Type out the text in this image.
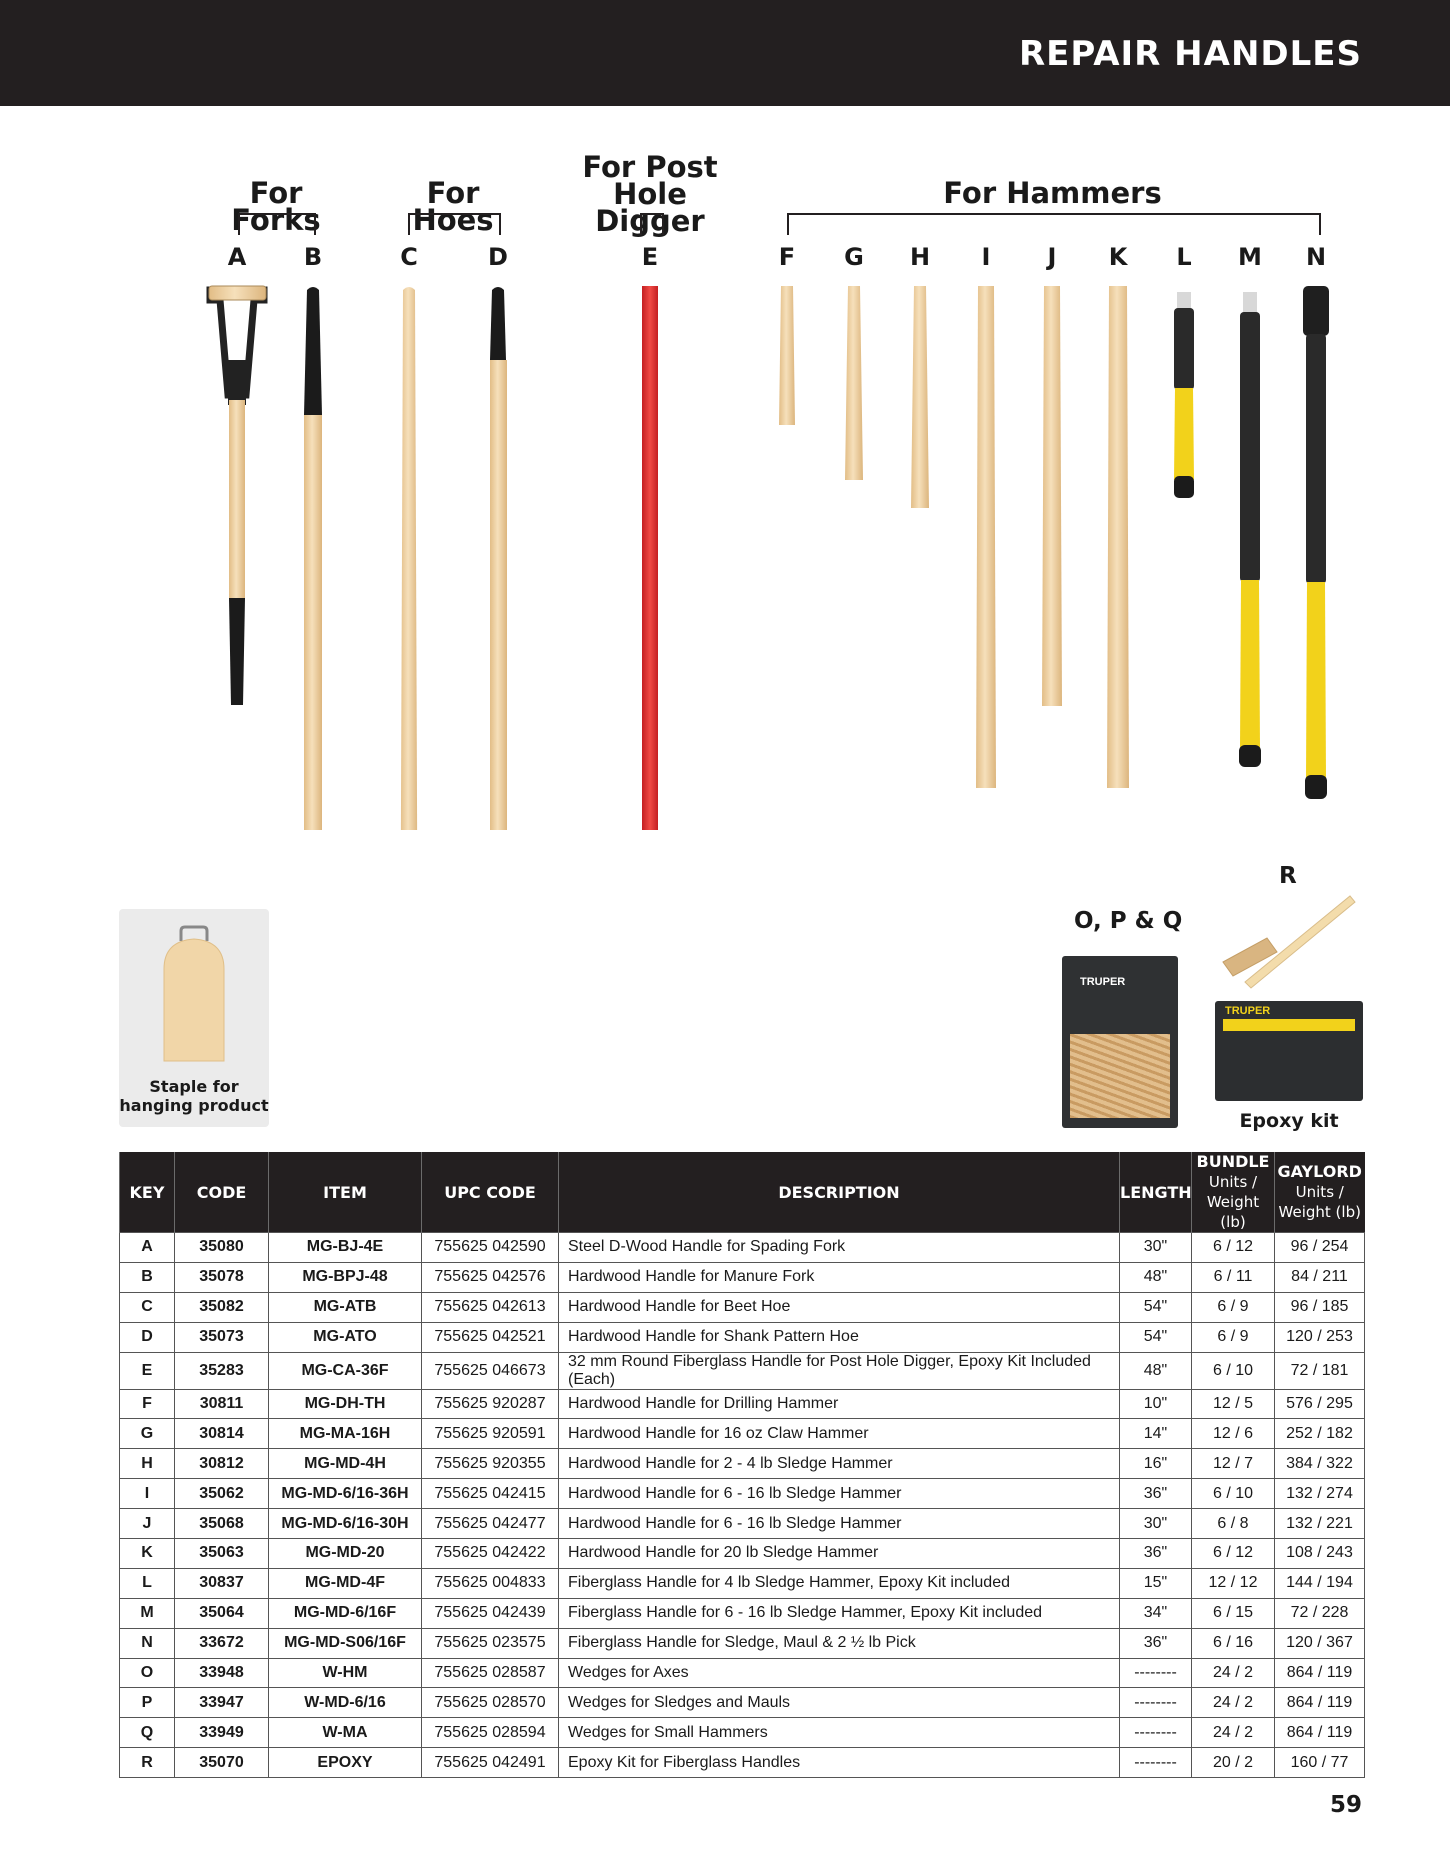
REPAIR HANDLES
For Forks
For Hoes
For Post
Hole Digger
For Hammers
A B	C	D	E	F G H	I	J	K	L	M N
Staple for
hanging product
O, P & Q
TRUPER
R
TRUPER
Epoxy kit
KEY	CODE	ITEM	UPC CODE	DESCRIPTION	LENGTH	BUNDLE
Units /
Weight (lb)	GAYLORD
Units /
Weight (lb)

A	35080	MG-BJ-4E	755625 042590	Steel D-Wood Handle for Spading Fork	30"	6 / 12	96 / 254
B	35078	MG-BPJ-48	755625 042576	Hardwood Handle for Manure Fork	48"	6 / 11	84 / 211
C	35082	MG-ATB	755625 042613	Hardwood Handle for Beet Hoe	54"	6 / 9	96 / 185
D	35073	MG-ATO	755625 042521	Hardwood Handle for Shank Pattern Hoe	54"	6 / 9	120 / 253
E	35283	MG-CA-36F	755625 046673	32 mm Round Fiberglass Handle for Post Hole Digger, Epoxy Kit Included (Each)	48"	6 / 10	72 / 181
F	30811	MG-DH-TH	755625 920287	Hardwood Handle for Drilling Hammer	10"	12 / 5	576 / 295
G	30814	MG-MA-16H	755625 920591	Hardwood Handle for 16 oz Claw Hammer	14"	12 / 6	252 / 182
H	30812	MG-MD-4H	755625 920355	Hardwood Handle for 2 - 4 lb Sledge Hammer	16"	12 / 7	384 / 322
I	35062	MG-MD-6/16-36H	755625 042415	Hardwood Handle for 6 - 16 lb Sledge Hammer	36"	6 / 10	132 / 274
J	35068	MG-MD-6/16-30H	755625 042477	Hardwood Handle for 6 - 16 lb Sledge Hammer	30"	6 / 8	132 / 221
K	35063	MG-MD-20	755625 042422	Hardwood Handle for 20 lb Sledge Hammer	36"	6 / 12	108 / 243
L	30837	MG-MD-4F	755625 004833	Fiberglass Handle for 4 lb Sledge Hammer, Epoxy Kit included	15"	12 / 12	144 / 194
M	35064	MG-MD-6/16F	755625 042439	Fiberglass Handle for 6 - 16 lb Sledge Hammer, Epoxy Kit included	34"	6 / 15	72 / 228
N	33672	MG-MD-S06/16F	755625 023575	Fiberglass Handle for Sledge, Maul & 2 ½ lb Pick	36"	6 / 16	120 / 367
O	33948	W-HM	755625 028587	Wedges for Axes	--------	24 / 2	864 / 119
P	33947	W-MD-6/16	755625 028570	Wedges for Sledges and Mauls	--------	24 / 2	864 / 119
Q	33949	W-MA	755625 028594	Wedges for Small Hammers	--------	24 / 2	864 / 119
R	35070	EPOXY	755625 042491	Epoxy Kit for Fiberglass Handles	--------	20 / 2	160 / 77
59
